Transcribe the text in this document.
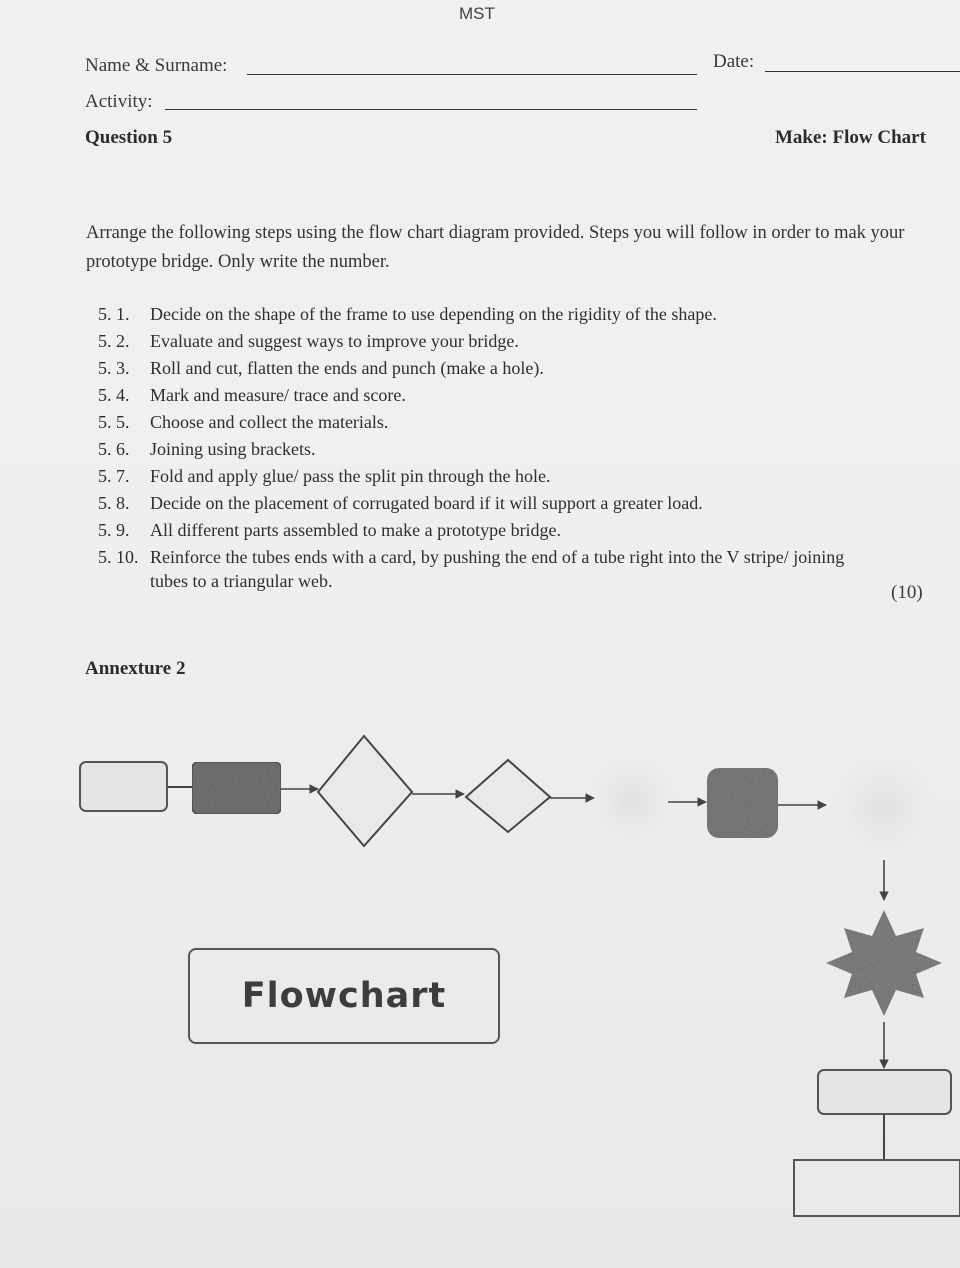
MST
Name & Surname:	Date:
Activity:
Question 5	Make: Flow Chart
Arrange the following steps using the flow chart diagram provided. Steps you will follow in order to mak your prototype bridge. Only write the number.
5. 1. Decide on the shape of the frame to use depending on the rigidity of the shape.
5. 2. Evaluate and suggest ways to improve your bridge.
5. 3. Roll and cut, flatten the ends and punch (make a hole).
5. 4. Mark and measure/ trace and score.
5. 5. Choose and collect the materials.
5. 6. Joining using brackets.
5. 7. Fold and apply glue/ pass the split pin through the hole.
5. 8. Decide on the placement of corrugated board if it will support a greater load.
5. 9. All different parts assembled to make a prototype bridge.
5. 10. Reinforce the tubes ends with a card, by pushing the end of a tube right into the V stripe/ joining
tubes to a triangular web.
(10)
Annexture 2
Flowchart
